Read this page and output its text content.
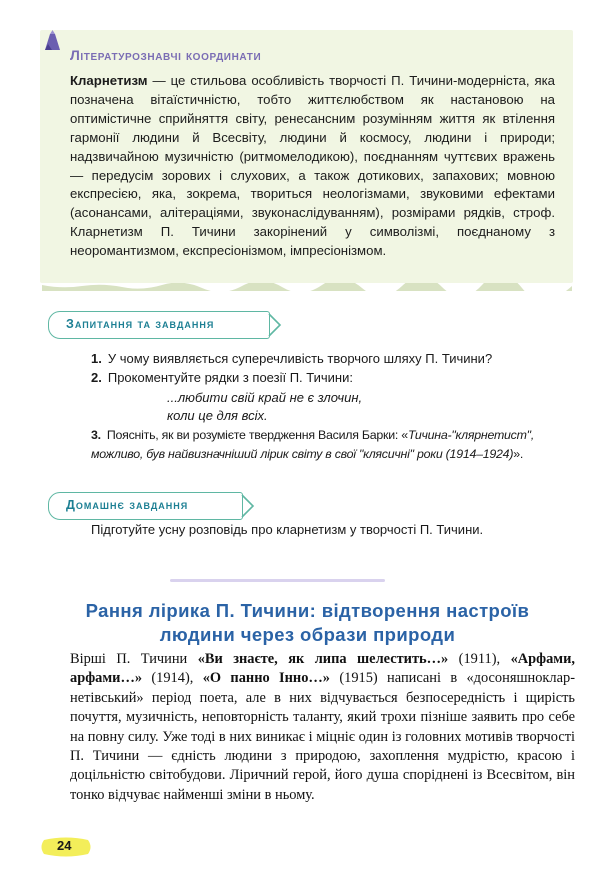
Літературознавчі координати
Кларнетизм — це стильова особливість творчості П. Тичини-модерніста, яка позначена вітаїстичністю, тобто життєлюбством як настановою на оптимістичне сприйняття світу, ренесансним розумінням життя як втілення гармонії людини й Всесвіту, людини й космосу, людини і природи; надзвичайною музичністю (ритмомелодикою), поєднанням чуттєвих вражень — передусім зорових і слухових, а також дотикових, запахових; мовною експресією, яка, зокрема, твориться неологізмами, звуковими ефектами (асонансами, алітераціями, звуконаслідуванням), розмірами рядків, строф. Кларнетизм П. Тичини закорінений у символізмі, поєднаному з неоромантизмом, експресіонізмом, імпресіонізмом.
Запитання та завдання
1. У чому виявляється суперечливість творчого шляху П. Тичини?
2. Прокоментуйте рядки з поезії П. Тичини:
...любити свій край не є злочин,
коли це для всіх.
3. Поясніть, як ви розумієте твердження Василя Барки: «Тичина-"клярнетист", можливо, був найвизначніший лірик світу в свої "клясичні" роки (1914–1924)».
Домашнє завдання
Підготуйте усну розповідь про кларнетизм у творчості П. Тичини.
Рання лірика П. Тичини: відтворення настроїв
людини через образи природи
Вірші П. Тичини «Ви знаєте, як липа шелестить…» (1911), «Арфами, арфами…» (1914), «О панно Інно…» (1915) написані в «досоняшнокларнетівський» період поета, але в них відчувається безпосередність і щирість почуття, музичність, неповторність таланту, який трохи пізніше заявить про себе на повну силу. Уже тоді в них виникає і міцніє один із головних мотивів творчості П. Тичини — єдність людини з природою, захоплення мудрістю, красою і доцільністю світобудови. Ліричний герой, його душа споріднені із Всесвітом, він тонко відчуває найменші зміни в ньому.
24
